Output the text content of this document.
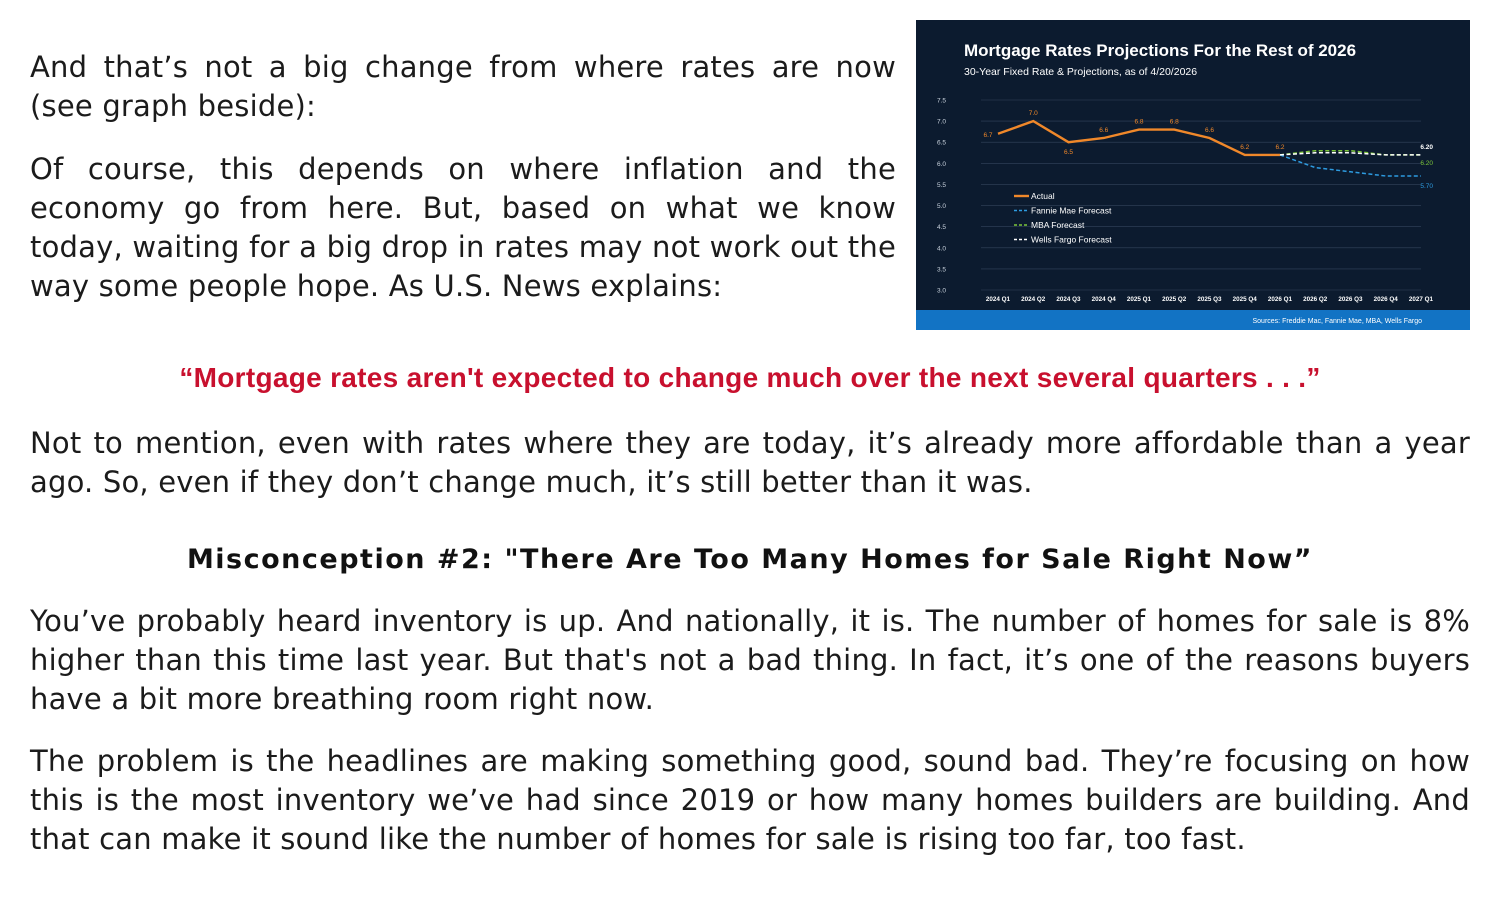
And that’s not a big change from where rates are now (see graph beside):

Of course, this depends on where inflation and the economy go from here. But, based on what we know today, waiting for a big drop in rates may not work out the way some people hope. As U.S. News explains:

Sources: Freddie Mac, Fannie Mae, MBA, Wells Fargo
Mortgage Rates Projections For the Rest of 2026
30-Year Fixed Rate & Projections, as of 4/20/2026
3.0
3.5
4.0
4.5
5.0
5.5
6.0
6.5
7.0
7.5
2024 Q1 2024 Q2 2024 Q3 2024 Q4 2025 Q1 2025 Q2 2025 Q3 2025 Q4 2026 Q1 2026 Q2 2026 Q3 2026 Q4 2027 Q1
6.7
7.0
6.5
6.6
6.8	6.8
6.6
6.2	6.2
5.70
6.20
6.20
Actual
Fannie Mae Forecast
MBA Forecast
Wells Fargo Forecast

“Mortgage rates aren't expected to change much over the next several quarters . . .”

Not to mention, even with rates where they are today, it’s already more affordable than a year ago. So, even if they don’t change much, it’s still better than it was.

Misconception #2: "There Are Too Many Homes for Sale Right Now”

You’ve probably heard inventory is up. And nationally, it is. The number of homes for sale is 8% higher than this time last year. But that's not a bad thing. In fact, it’s one of the reasons buyers have a bit more breathing room right now.

The problem is the headlines are making something good, sound bad. They’re focusing on how this is the most inventory we’ve had since 2019 or how many homes builders are building. And that can make it sound like the number of homes for sale is rising too far, too fast.
